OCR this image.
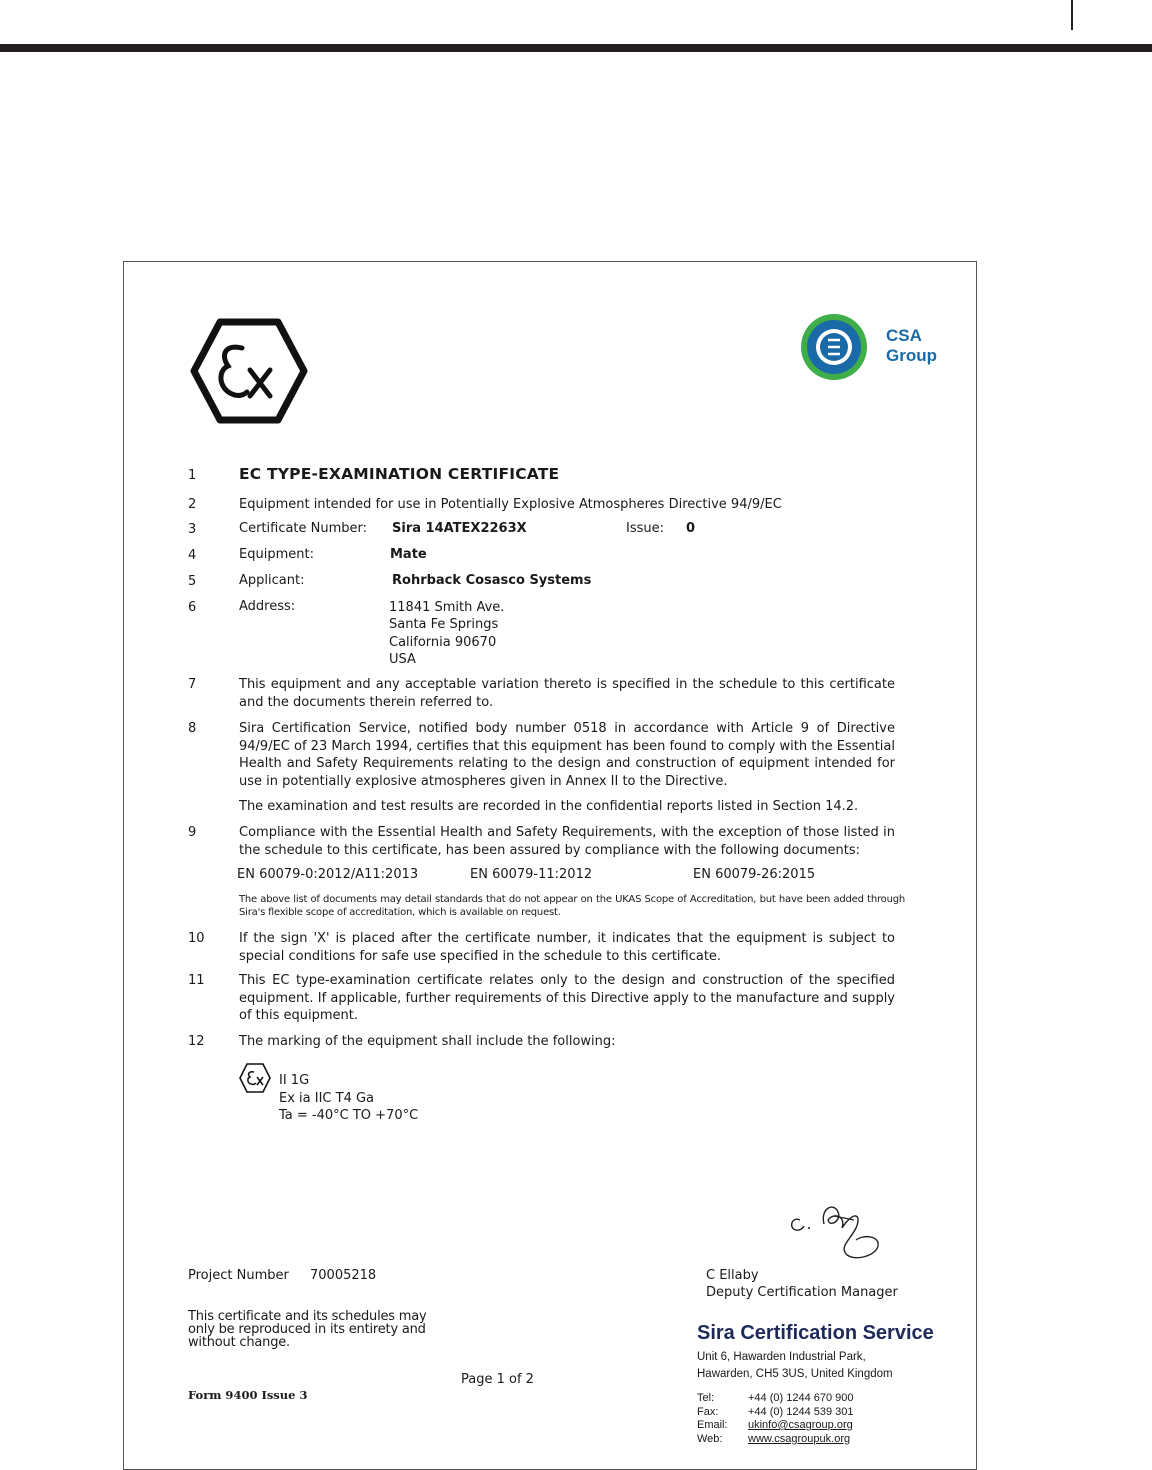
CSA
Group
1	EC TYPE-EXAMINATION CERTIFICATE
2	Equipment intended for use in Potentially Explosive Atmospheres Directive 94/9/EC
3	Certificate Number: Sira 14ATEX2263X	Issue: 0
4	Equipment:	Mate
5	Applicant:	Rohrback Cosasco Systems
6	Address:	11841 Smith Ave.
Santa Fe Springs
California 90670
USA
7	This equipment and any acceptable variation thereto is specified in the schedule to this certificate and the documents therein referred to.
8	Sira Certification Service, notified body number 0518 in accordance with Article 9 of Directive 94/9/EC of 23 March 1994, certifies that this equipment has been found to comply with the Essential Health and Safety Requirements relating to the design and construction of equipment intended for use in potentially explosive atmospheres given in Annex II to the Directive.
The examination and test results are recorded in the confidential reports listed in Section 14.2.
9	Compliance with the Essential Health and Safety Requirements, with the exception of those listed in the schedule to this certificate, has been assured by compliance with the following documents:
EN 60079-0:2012/A11:2013	EN 60079-11:2012	EN 60079-26:2015
The above list of documents may detail standards that do not appear on the UKAS Scope of Accreditation, but have been added through Sira's flexible scope of accreditation, which is available on request.
10	If the sign 'X' is placed after the certificate number, it indicates that the equipment is subject to special conditions for safe use specified in the schedule to this certificate.
11	This EC type-examination certificate relates only to the design and construction of the specified equipment. If applicable, further requirements of this Directive apply to the manufacture and supply of this equipment.
12	The marking of the equipment shall include the following:
II 1G
Ex ia IIC T4 Ga
Ta = -40°C TO +70°C
Project Number 70005218
This certificate and its schedules may only be reproduced in its entirety and without change.
Form 9400 Issue 3
Page 1 of 2
C Ellaby
Deputy Certification Manager
Sira Certification Service
Unit 6, Hawarden Industrial Park,
Hawarden, CH5 3US, United Kingdom
Tel:	+44 (0) 1244 670 900
Fax:	+44 (0) 1244 539 301
Email: ukinfo@csagroup.org
Web: www.csagroupuk.org
